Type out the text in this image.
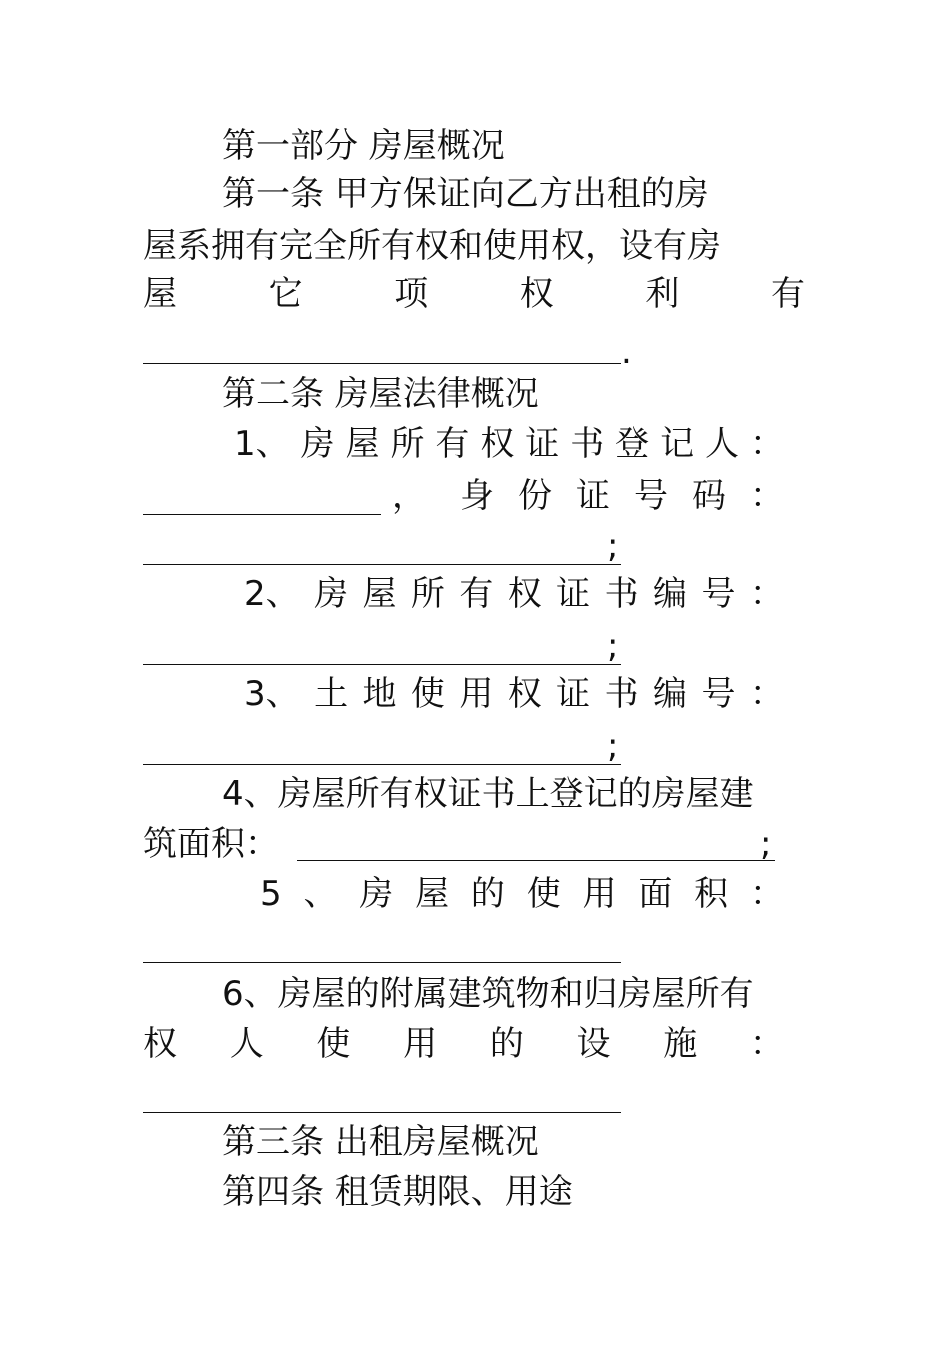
第一部分 房屋概况
第一条 甲方保证向乙方出租的房
屋系拥有完全所有权和使用权，设有房
屋	它	项	权	利	有
.
第二条 房屋法律概况
1、 房 屋 所 有 权 证 书 登 记 人 ：
， 身 份 证 号 码 ：
;
2、 房 屋 所 有 权 证 书 编 号 ：
;
3、 土 地 使 用 权 证 书 编 号 ：
;
4、房屋所有权证书上登记的房屋建
筑面积：	;
5 、 房 屋 的 使 用 面 积 ：
6、房屋的附属建筑物和归房屋所有
权 人 使 用 的 设 施 ：
第三条 出租房屋概况
第四条 租赁期限、用途
